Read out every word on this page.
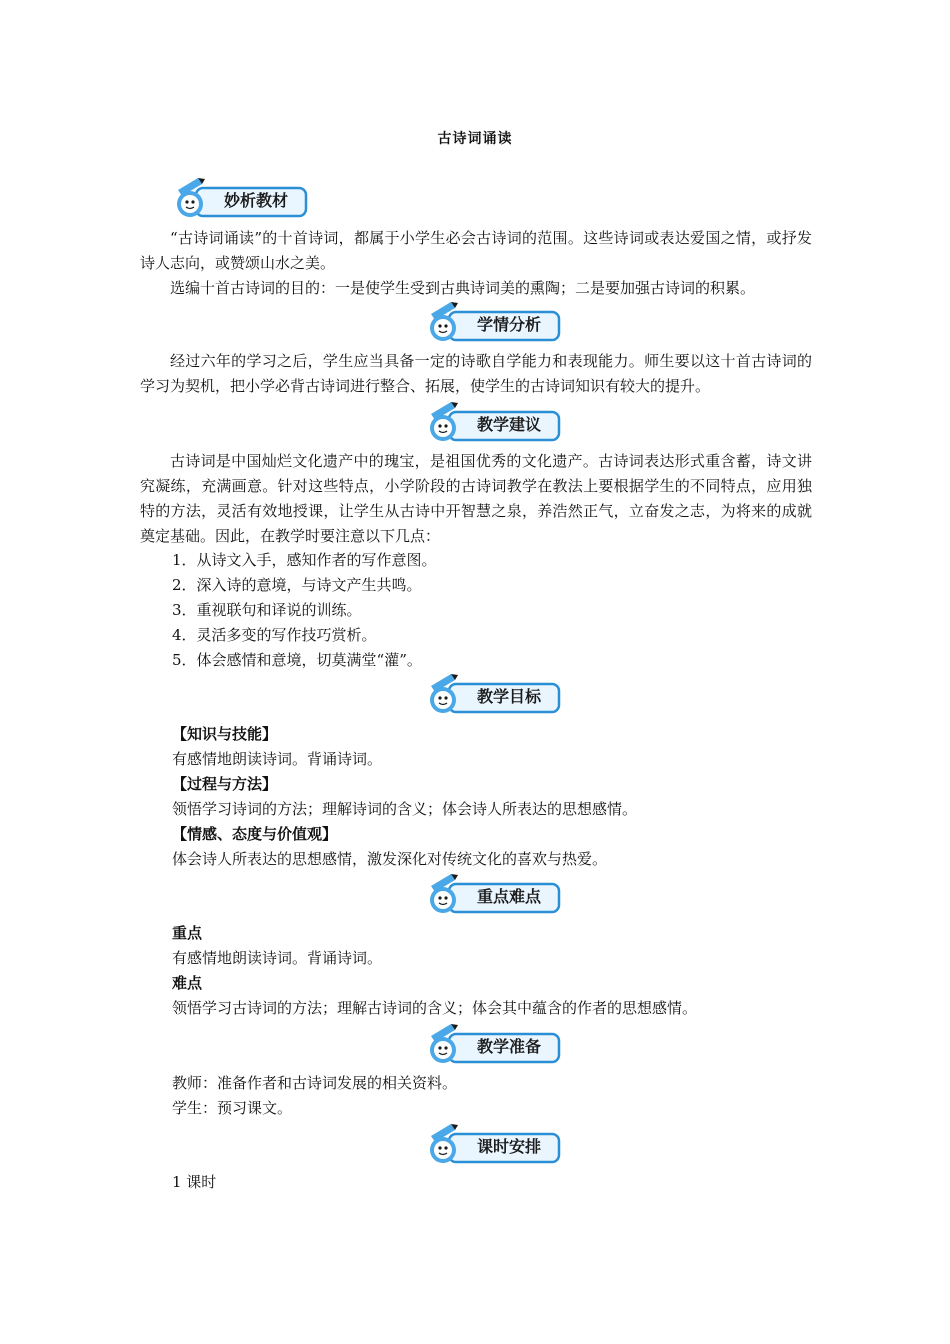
古诗词诵读
妙析教材

“古诗词诵读”的十首诗词，都属于小学生必会古诗词的范围。这些诗词或表达爱国之情，或抒发诗人志向，或赞颂山水之美。

选编十首古诗词的目的：一是使学生受到古典诗词美的熏陶；二是要加强古诗词的积累。

学情分析

经过六年的学习之后，学生应当具备一定的诗歌自学能力和表现能力。师生要以这十首古诗词的学习为契机，把小学必背古诗词进行整合、拓展，使学生的古诗词知识有较大的提升。

教学建议

古诗词是中国灿烂文化遗产中的瑰宝，是祖国优秀的文化遗产。古诗词表达形式重含蓄，诗文讲究凝练，充满画意。针对这些特点，小学阶段的古诗词教学在教法上要根据学生的不同特点，应用独特的方法，灵活有效地授课，让学生从古诗中开智慧之泉，养浩然正气，立奋发之志，为将来的成就奠定基础。因此，在教学时要注意以下几点：

1．从诗文入手，感知作者的写作意图。

2．深入诗的意境，与诗文产生共鸣。

3．重视联句和译说的训练。

4．灵活多变的写作技巧赏析。

5．体会感情和意境，切莫满堂“灌”。

教学目标

【知识与技能】

有感情地朗读诗词。背诵诗词。

【过程与方法】

领悟学习诗词的方法；理解诗词的含义；体会诗人所表达的思想感情。

【情感、态度与价值观】

体会诗人所表达的思想感情，激发深化对传统文化的喜欢与热爱。

重点难点

重点

有感情地朗读诗词。背诵诗词。

难点

领悟学习古诗词的方法；理解古诗词的含义；体会其中蕴含的作者的思想感情。

教学准备

教师：准备作者和古诗词发展的相关资料。

学生：预习课文。

课时安排

1 课时
